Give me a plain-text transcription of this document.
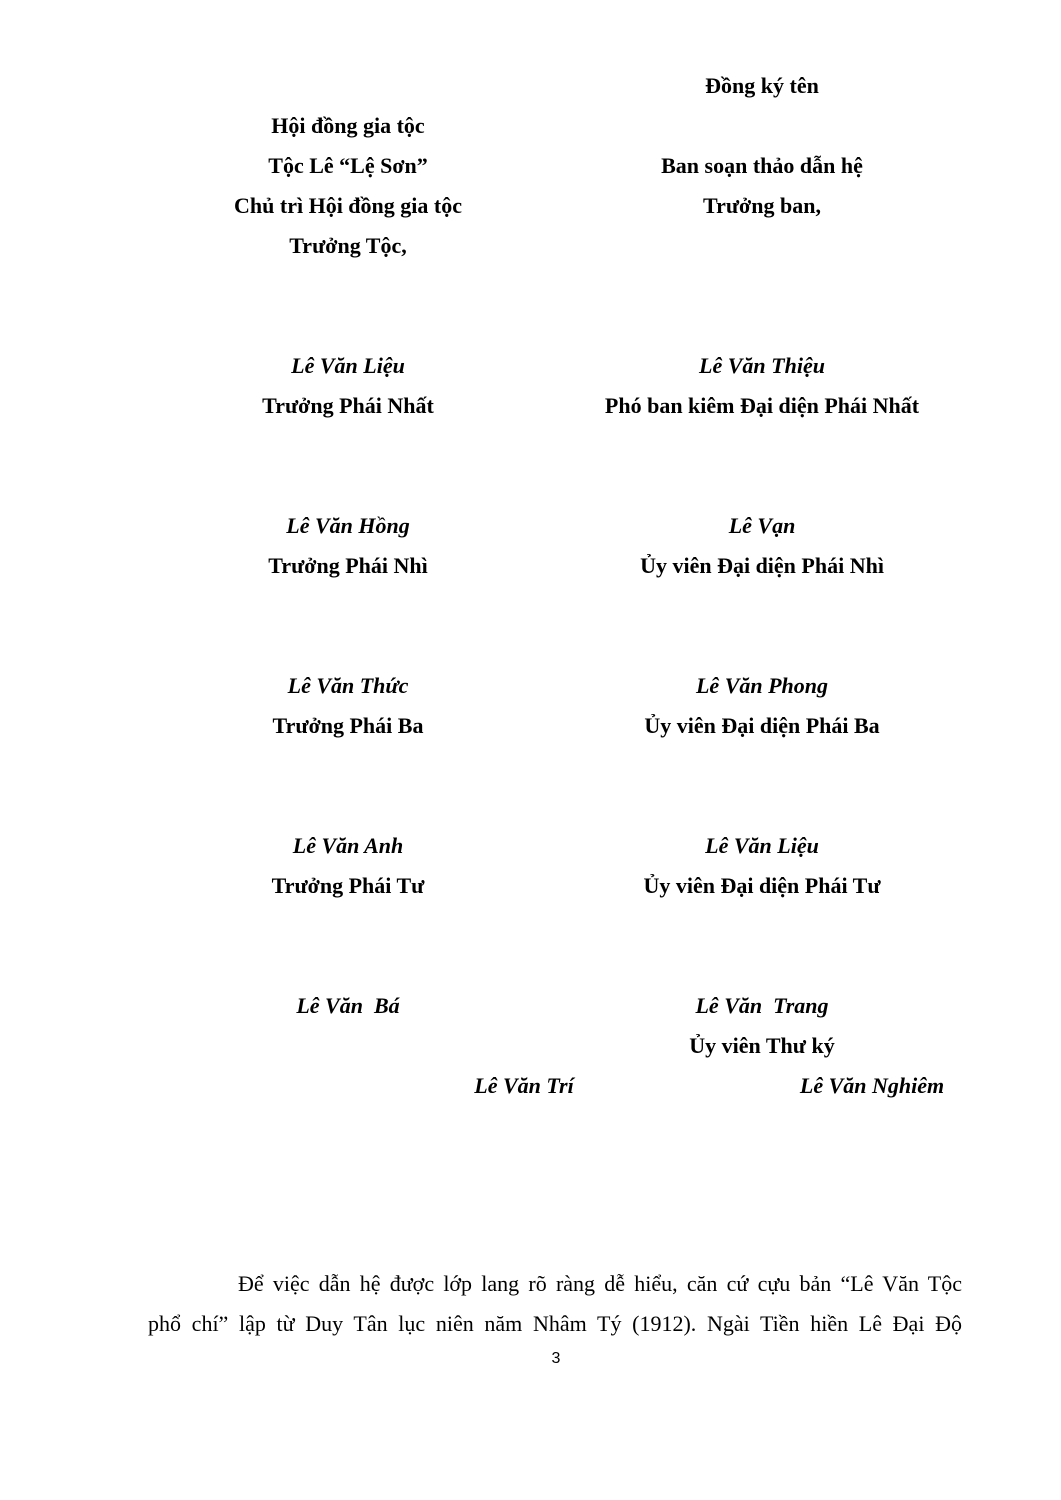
Đồng ký tên
Hội đồng gia tộc
Tộc Lê “Lệ Sơn”
Chủ trì Hội đồng gia tộc
Trưởng Tộc,
Ban soạn thảo dẫn hệ
Trưởng ban,
Lê Văn Liệu
Trưởng Phái Nhất
Lê Văn Hồng
Trưởng Phái Nhì
Lê Văn Thức
Trưởng Phái Ba
Lê Văn Anh
Trưởng Phái Tư
Lê Văn  Bá
Lê Văn Thiệu
Phó ban kiêm Đại diện Phái Nhất
Lê Vạn
Ủy viên Đại diện Phái Nhì
Lê Văn Phong
Ủy viên Đại diện Phái Ba
Lê Văn Liệu
Ủy viên Đại diện Phái Tư
Lê Văn  Trang
Ủy viên Thư ký
Lê Văn Trí	Lê Văn Nghiêm

Để việc dẫn hệ được lớp lang rõ ràng dễ hiểu, căn cứ cựu bản “Lê Văn Tộc

phổ chí” lập từ Duy Tân lục niên năm Nhâm Tý (1912). Ngài Tiền hiền Lê Đại Độ

3
